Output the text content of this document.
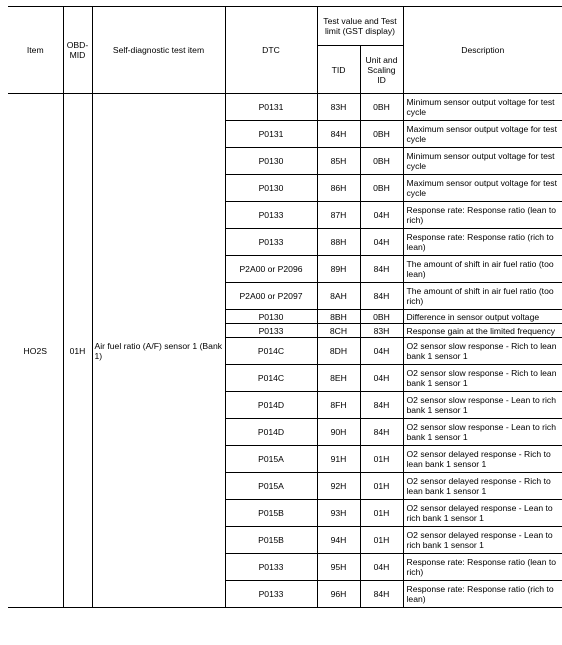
Item	OBD-MID	Self-diagnostic test item	DTC	Test value and Test limit (GST display)		Description
				TID	Unit and Scaling ID	
HO2S	01H	Air fuel ratio (A/F) sensor 1 (Bank 1)	P0131	83H	0BH	Minimum sensor output voltage for test cycle
			P0131	84H	0BH	Maximum sensor output voltage for test cycle
			P0130	85H	0BH	Minimum sensor output voltage for test cycle
			P0130	86H	0BH	Maximum sensor output voltage for test cycle
			P0133	87H	04H	Response rate: Response ratio (lean to rich)
			P0133	88H	04H	Response rate: Response ratio (rich to lean)
			P2A00 or P2096	89H	84H	The amount of shift in air fuel ratio (too lean)
			P2A00 or P2097	8AH	84H	The amount of shift in air fuel ratio (too rich)
			P0130	8BH	0BH	Difference in sensor output voltage
			P0133	8CH	83H	Response gain at the limited frequency
			P014C	8DH	04H	O2 sensor slow response - Rich to lean bank 1 sensor 1
			P014C	8EH	04H	O2 sensor slow response - Rich to lean bank 1 sensor 1
			P014D	8FH	84H	O2 sensor slow response - Lean to rich bank 1 sensor 1
			P014D	90H	84H	O2 sensor slow response - Lean to rich bank 1 sensor 1
			P015A	91H	01H	O2 sensor delayed response - Rich to lean bank 1 sensor 1
			P015A	92H	01H	O2 sensor delayed response - Rich to lean bank 1 sensor 1
			P015B	93H	01H	O2 sensor delayed response - Lean to rich bank 1 sensor 1
			P015B	94H	01H	O2 sensor delayed response - Lean to rich bank 1 sensor 1
			P0133	95H	04H	Response rate: Response ratio (lean to rich)
			P0133	96H	84H	Response rate: Response ratio (rich to lean)
